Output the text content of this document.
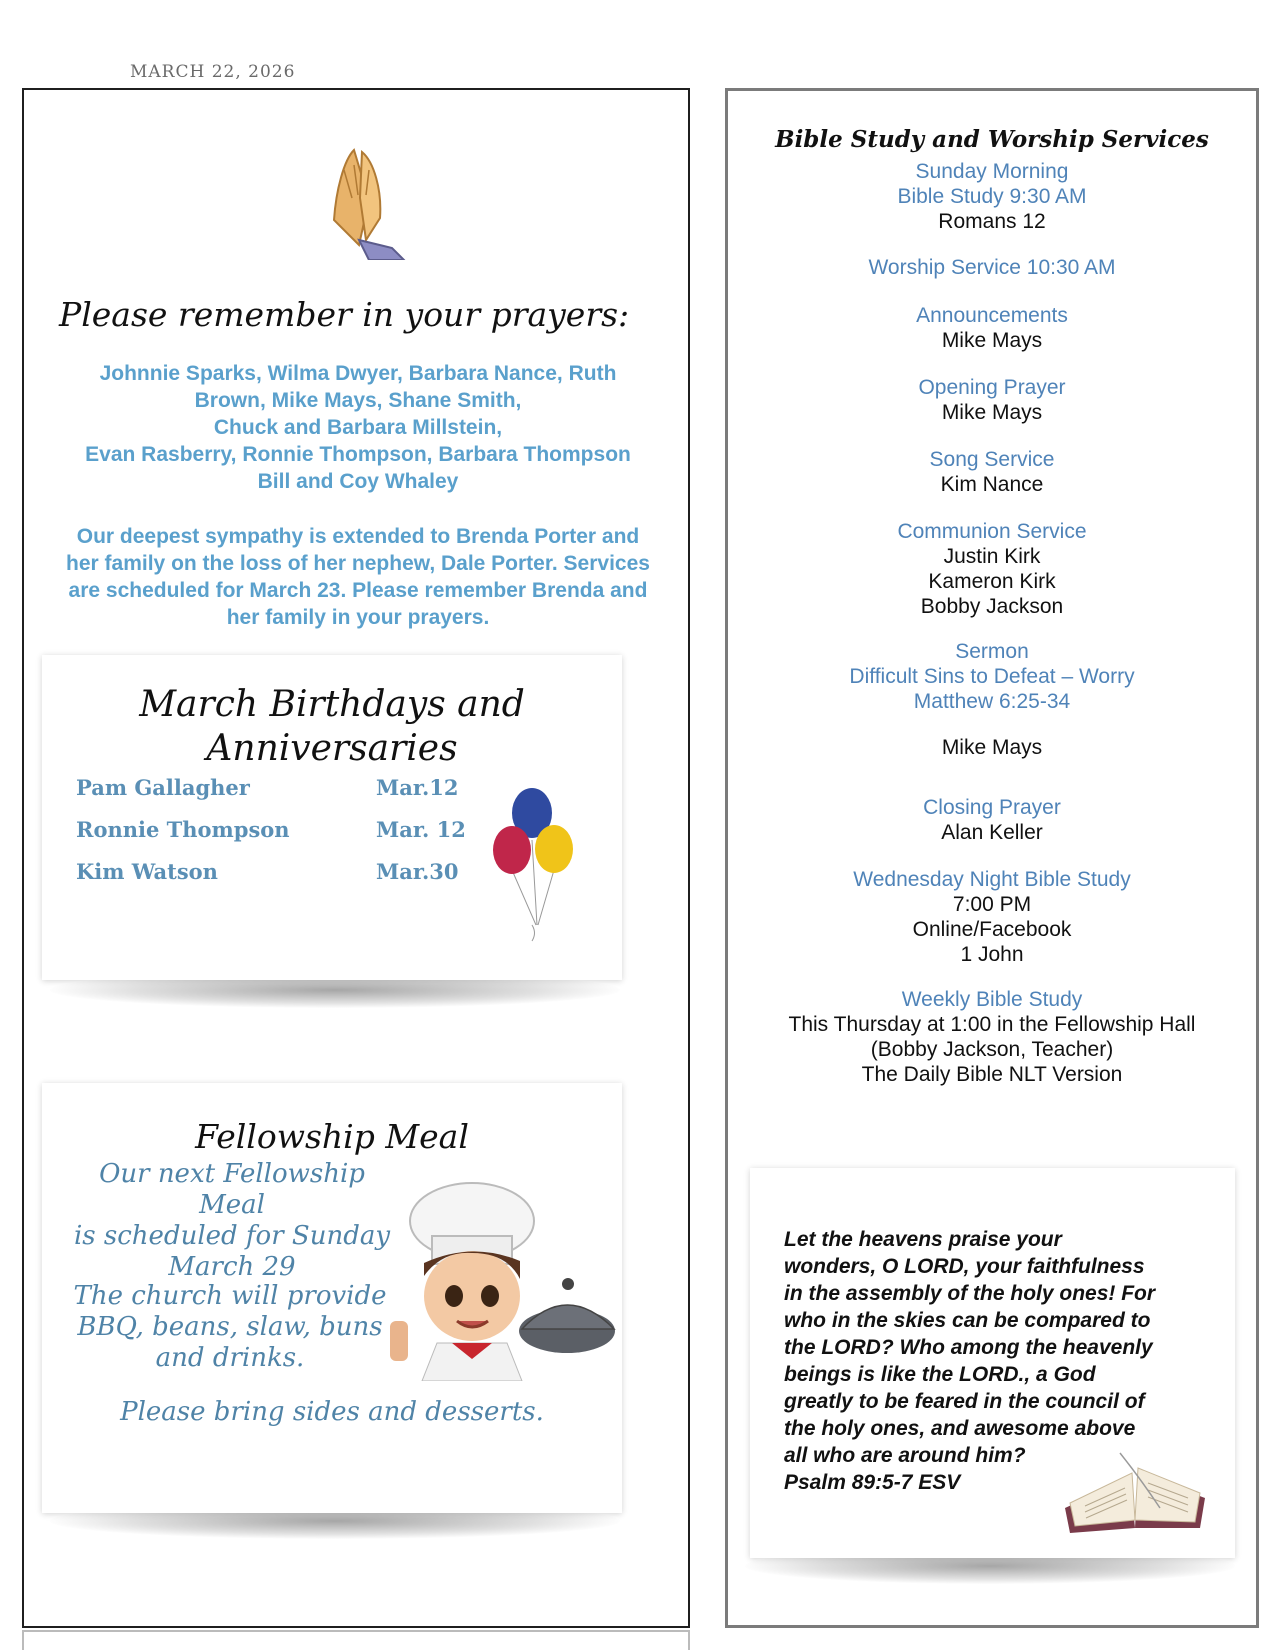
MARCH 22, 2026
Please remember in your prayers:
Johnnie Sparks, Wilma Dwyer, Barbara Nance, Ruth
Brown, Mike Mays, Shane Smith,
Chuck and Barbara Millstein,
Evan Rasberry, Ronnie Thompson, Barbara Thompson
Bill and Coy Whaley
Our deepest sympathy is extended to Brenda Porter and
her family on the loss of her nephew, Dale Porter. Services
are scheduled for March 23. Please remember Brenda and
her family in your prayers.
March Birthdays and
Anniversaries
Pam Gallagher	Mar.12
Ronnie Thompson	Mar. 12
Kim Watson	Mar.30
Fellowship Meal
Our next Fellowship Meal
is scheduled for Sunday
March 29
The church will provide
BBQ, beans, slaw, buns
and drinks.
Please bring sides and desserts.
Bible Study and Worship Services
Sunday Morning
Bible Study 9:30 AM
Romans 12
Worship Service 10:30 AM
Announcements
Mike Mays
Opening Prayer
Mike Mays
Song Service
Kim Nance
Communion Service
Justin Kirk
Kameron Kirk
Bobby Jackson
Sermon
Difficult Sins to Defeat – Worry
Matthew 6:25-34
Mike Mays
Closing Prayer
Alan Keller
Wednesday Night Bible Study
7:00 PM
Online/Facebook
1 John
Weekly Bible Study
This Thursday at 1:00 in the Fellowship Hall
(Bobby Jackson, Teacher)
The Daily Bible NLT Version
Let the heavens praise your
wonders, O LORD, your faithfulness
in the assembly of the holy ones! For
who in the skies can be compared to
the LORD? Who among the heavenly
beings is like the LORD., a God
greatly to be feared in the council of
the holy ones, and awesome above
all who are around him?
Psalm 89:5-7 ESV
